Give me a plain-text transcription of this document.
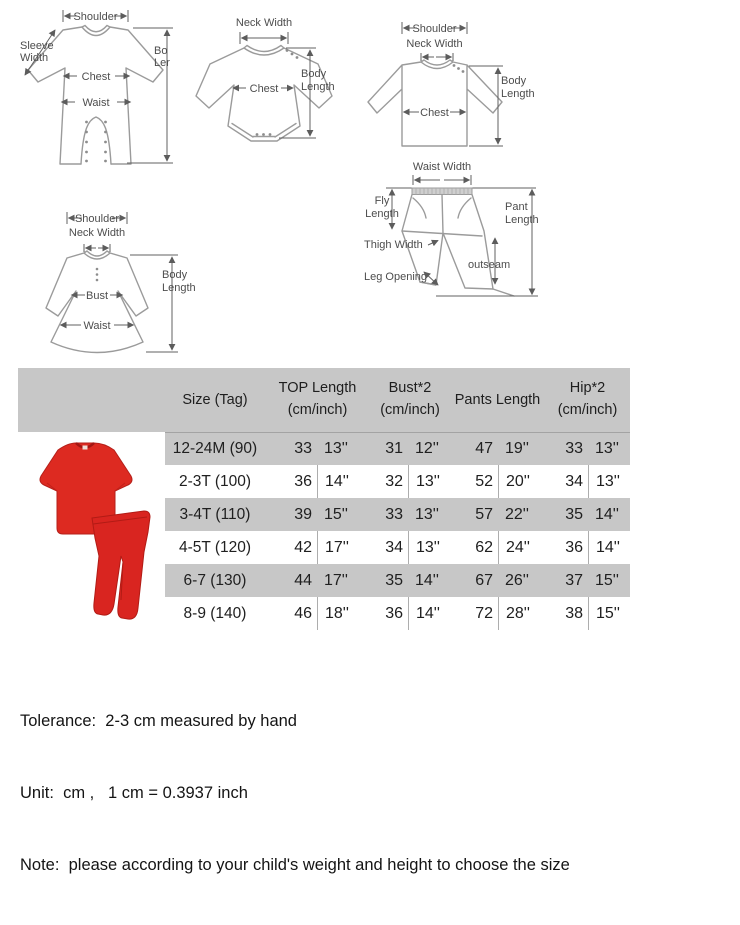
Shoulder
Sleeve
Width
Chest
Waist
Bo
Ler
Neck Width
Chest
Body
Length
Shoulder
Neck Width
Chest
Body
Length
Waist Width
Fly
Length
Thigh Width
outseam
Leg Opening
Pant
Length
Shoulder
Neck Width
Bust
Waist
Body
Length
Size (Tag)
TOP Length
(cm/inch)
Bust*2
(cm/inch)
Pants Length
Hip*2
(cm/inch)
12-24M (90)	33 13''	31 12''	47 19''	33 13''
2-3T (100)	36 14''	32 13''	52 20''	34 13''
3-4T (110)	39 15''	33 13''	57 22''	35 14''
4-5T (120)	42 17''	34 13''	62 24''	36 14''
6-7 (130)	44 17''	35 14''	67 26''	37 15''
8-9 (140)	46 18''	36 14''	72 28''	38 15''

Tolerance:  2-3 cm measured by hand

Unit:  cm ,   1 cm = 0.3937 inch

Note:  please according to your child's weight and height to choose the size
